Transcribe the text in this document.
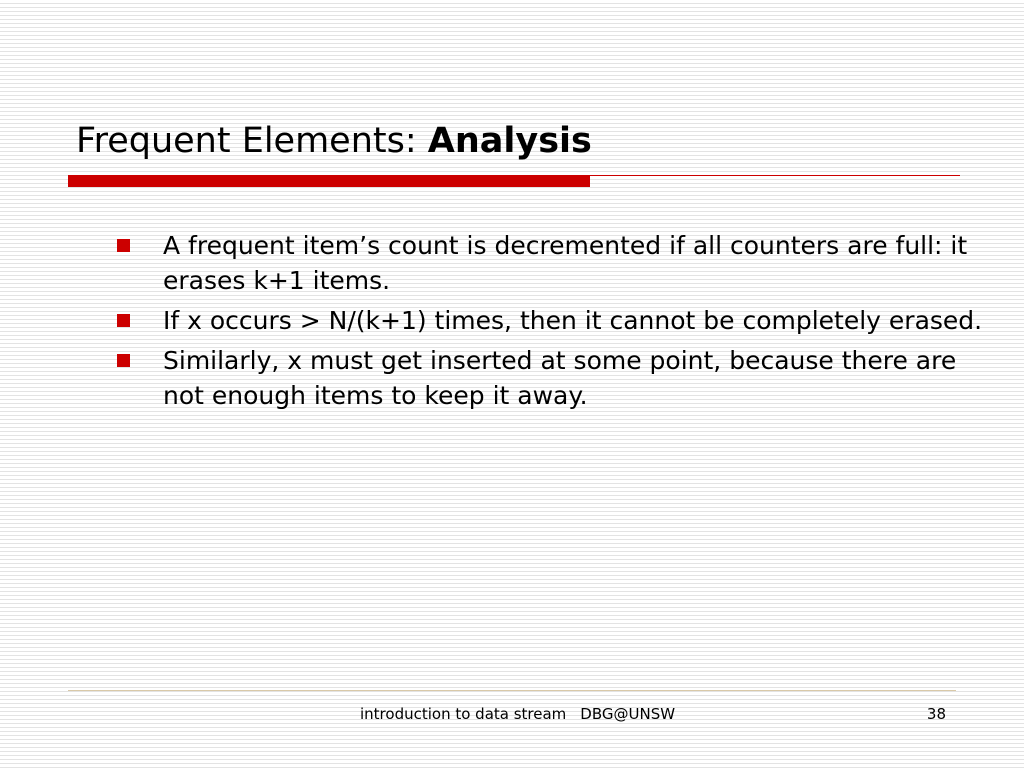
Frequent Elements: Analysis
A frequent item’s count is decremented if all counters are full: it erases k+1 items.
If x occurs > N/(k+1) times, then it cannot be completely erased.
Similarly, x must get inserted at some point, because there are not enough items to keep it away.
introduction to data stream DBG@UNSW	38
